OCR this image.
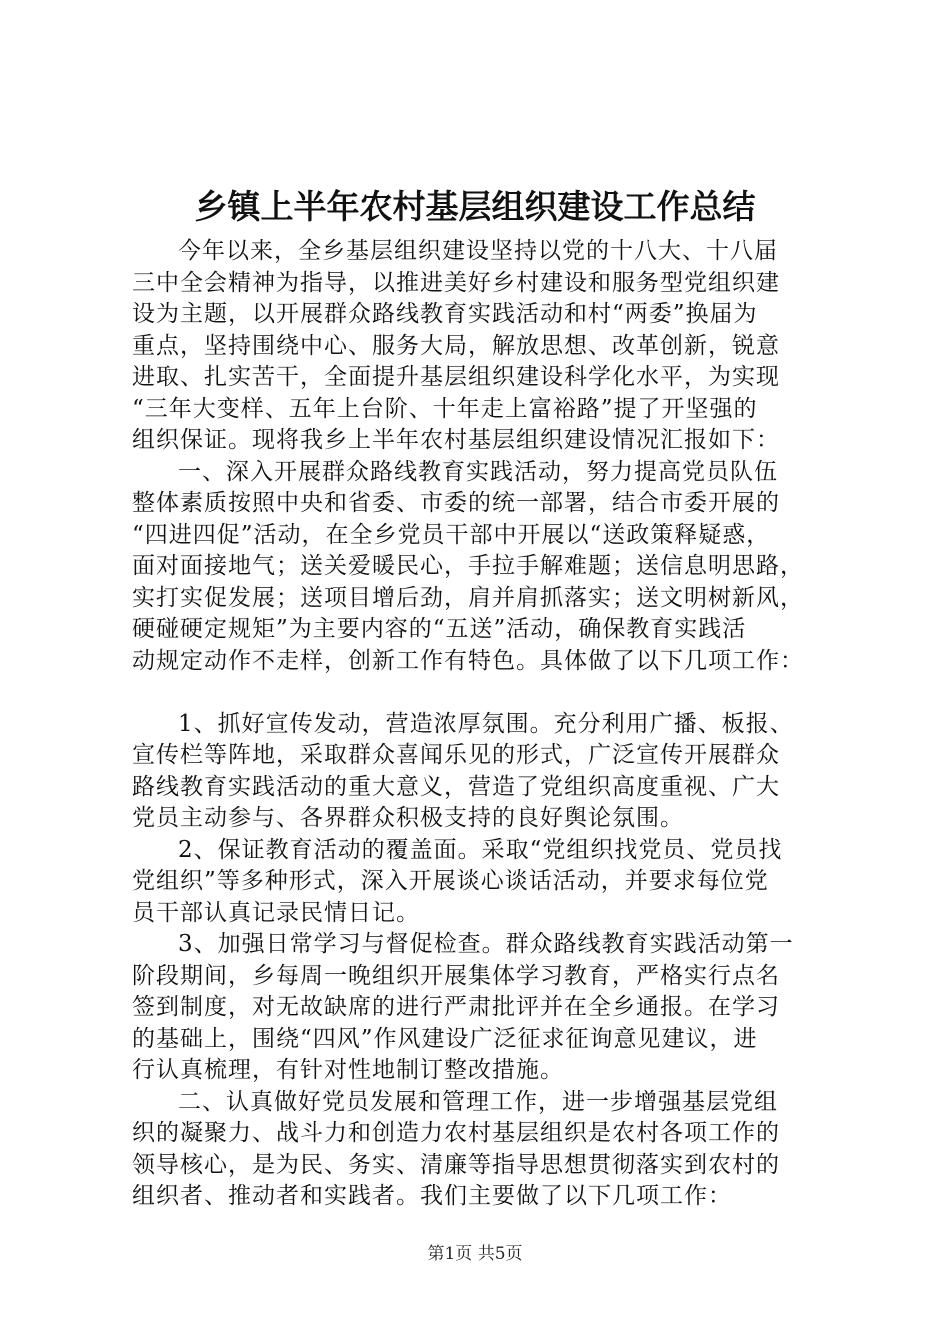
乡镇上半年农村基层组织建设工作总结
今年以来，全乡基层组织建设坚持以党的十八大、十八届
三中全会精神为指导，以推进美好乡村建设和服务型党组织建
设为主题，以开展群众路线教育实践活动和村“两委”换届为
重点，坚持围绕中心、服务大局，解放思想、改革创新，锐意
进取、扎实苦干，全面提升基层组织建设科学化水平，为实现
“三年大变样、五年上台阶、十年走上富裕路”提了开坚强的
组织保证。现将我乡上半年农村基层组织建设情况汇报如下：
一、深入开展群众路线教育实践活动，努力提高党员队伍
整体素质按照中央和省委、市委的统一部署，结合市委开展的
“四进四促”活动，在全乡党员干部中开展以“送政策释疑惑，
面对面接地气；送关爱暖民心，手拉手解难题；送信息明思路，
实打实促发展；送项目增后劲，肩并肩抓落实；送文明树新风，
硬碰硬定规矩”为主要内容的“五送”活动，确保教育实践活
动规定动作不走样，创新工作有特色。具体做了以下几项工作：
1、抓好宣传发动，营造浓厚氛围。充分利用广播、板报、
宣传栏等阵地，采取群众喜闻乐见的形式，广泛宣传开展群众
路线教育实践活动的重大意义，营造了党组织高度重视、广大
党员主动参与、各界群众积极支持的良好舆论氛围。
2、保证教育活动的覆盖面。采取“党组织找党员、党员找
党组织”等多种形式，深入开展谈心谈话活动，并要求每位党
员干部认真记录民情日记。
3、加强日常学习与督促检查。群众路线教育实践活动第一
阶段期间，乡每周一晚组织开展集体学习教育，严格实行点名
签到制度，对无故缺席的进行严肃批评并在全乡通报。在学习
的基础上，围绕“四风”作风建设广泛征求征询意见建议，进
行认真梳理，有针对性地制订整改措施。
二、认真做好党员发展和管理工作，进一步增强基层党组
织的凝聚力、战斗力和创造力农村基层组织是农村各项工作的
领导核心，是为民、务实、清廉等指导思想贯彻落实到农村的
组织者、推动者和实践者。我们主要做了以下几项工作：
第1页 共5页
